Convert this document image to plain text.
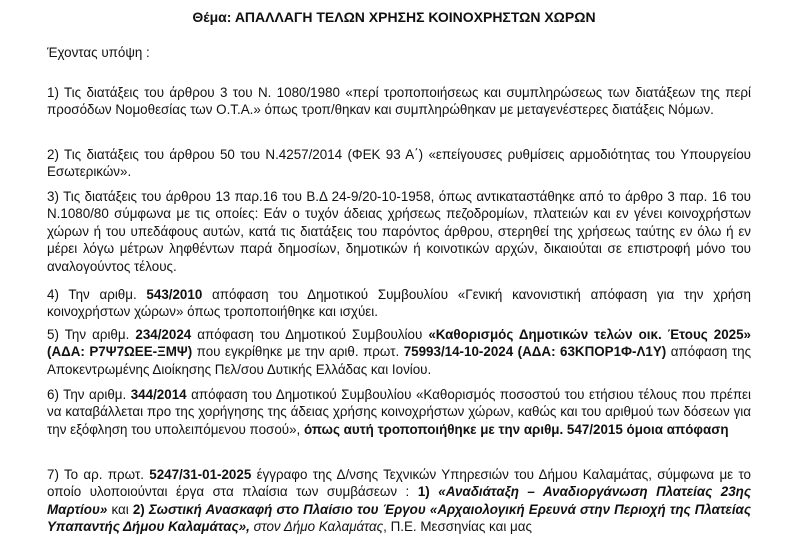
Θέμα: ΑΠΑΛΛΑΓΗ ΤΕΛΩΝ ΧΡΗΣΗΣ ΚΟΙΝΟΧΡΗΣΤΩΝ ΧΩΡΩΝ
Έχοντας υπόψη :
1) Τις διατάξεις του άρθρου 3 του Ν. 1080/1980 «περί τροποποιήσεως και συμπληρώσεως των διατάξεων της περί προσόδων Νομοθεσίας των Ο.Τ.Α.» όπως τροπ/θηκαν και συμπληρώθηκαν με μεταγενέστερες διατάξεις Νόμων.
2) Τις διατάξεις του άρθρου 50 του Ν.4257/2014 (ΦΕΚ 93 Α΄) «επείγουσες ρυθμίσεις αρμοδιότητας του Υπουργείου Εσωτερικών».
3) Τις διατάξεις του άρθρου 13 παρ.16 του Β.Δ 24-9/20-10-1958, όπως αντικαταστάθηκε από το άρθρο 3 παρ. 16 του Ν.1080/80 σύμφωνα με τις οποίες: Εάν ο τυχόν άδειας χρήσεως πεζοδρομίων, πλατειών και εν γένει κοινοχρήστων χώρων ή του υπεδάφους αυτών, κατά τις διατάξεις του παρόντος άρθρου, στερηθεί της χρήσεως ταύτης εν όλω ή εν μέρει λόγω μέτρων ληφθέντων παρά δημοσίων, δημοτικών ή κοινοτικών αρχών, δικαιούται σε επιστροφή μόνο του αναλογούντος τέλους.
4) Την αριθμ. 543/2010 απόφαση του Δημοτικού Συμβουλίου «Γενική κανονιστική απόφαση για την χρήση κοινοχρήστων χώρων» όπως τροποποιήθηκε και ισχύει.
5) Την αριθμ. 234/2024 απόφαση του Δημοτικού Συμβουλίου «Καθορισμός Δημοτικών τελών οικ. Έτους 2025» (ΑΔΑ: Ρ7Ψ7ΩΕΕ-ΞΜΨ) που εγκρίθηκε με την αριθ. πρωτ. 75993/14-10-2024 (ΑΔΑ: 63ΚΠΟΡ1Φ-Λ1Υ) απόφαση της Αποκεντρωμένης Διοίκησης Πελ/σου Δυτικής Ελλάδας και Ιονίου.
6) Την αριθμ. 344/2014 απόφαση του Δημοτικού Συμβουλίου «Καθορισμός ποσοστού του ετήσιου τέλους που πρέπει να καταβάλλεται προ της χορήγησης της άδειας χρήσης κοινοχρήστων χώρων, καθώς και του αριθμού των δόσεων για την εξόφληση του υπολειπόμενου ποσού», όπως αυτή τροποποιήθηκε με την αριθμ. 547/2015 όμοια απόφαση
7) Το αρ. πρωτ. 5247/31-01-2025 έγγραφο της Δ/νσης Τεχνικών Υπηρεσιών του Δήμου Καλαμάτας, σύμφωνα με το οποίο υλοποιούνται έργα στα πλαίσια των συμβάσεων : 1) «Αναδιάταξη – Αναδιοργάνωση Πλατείας 23ης Μαρτίου» και 2) Σωστική Ανασκαφή στο Πλαίσιο του Έργου «Αρχαιολογική Ερευνά στην Περιοχή της Πλατείας Υπαπαντής Δήμου Καλαμάτας», στον Δήμο Καλαμάτας, Π.Ε. Μεσσηνίας και μας
